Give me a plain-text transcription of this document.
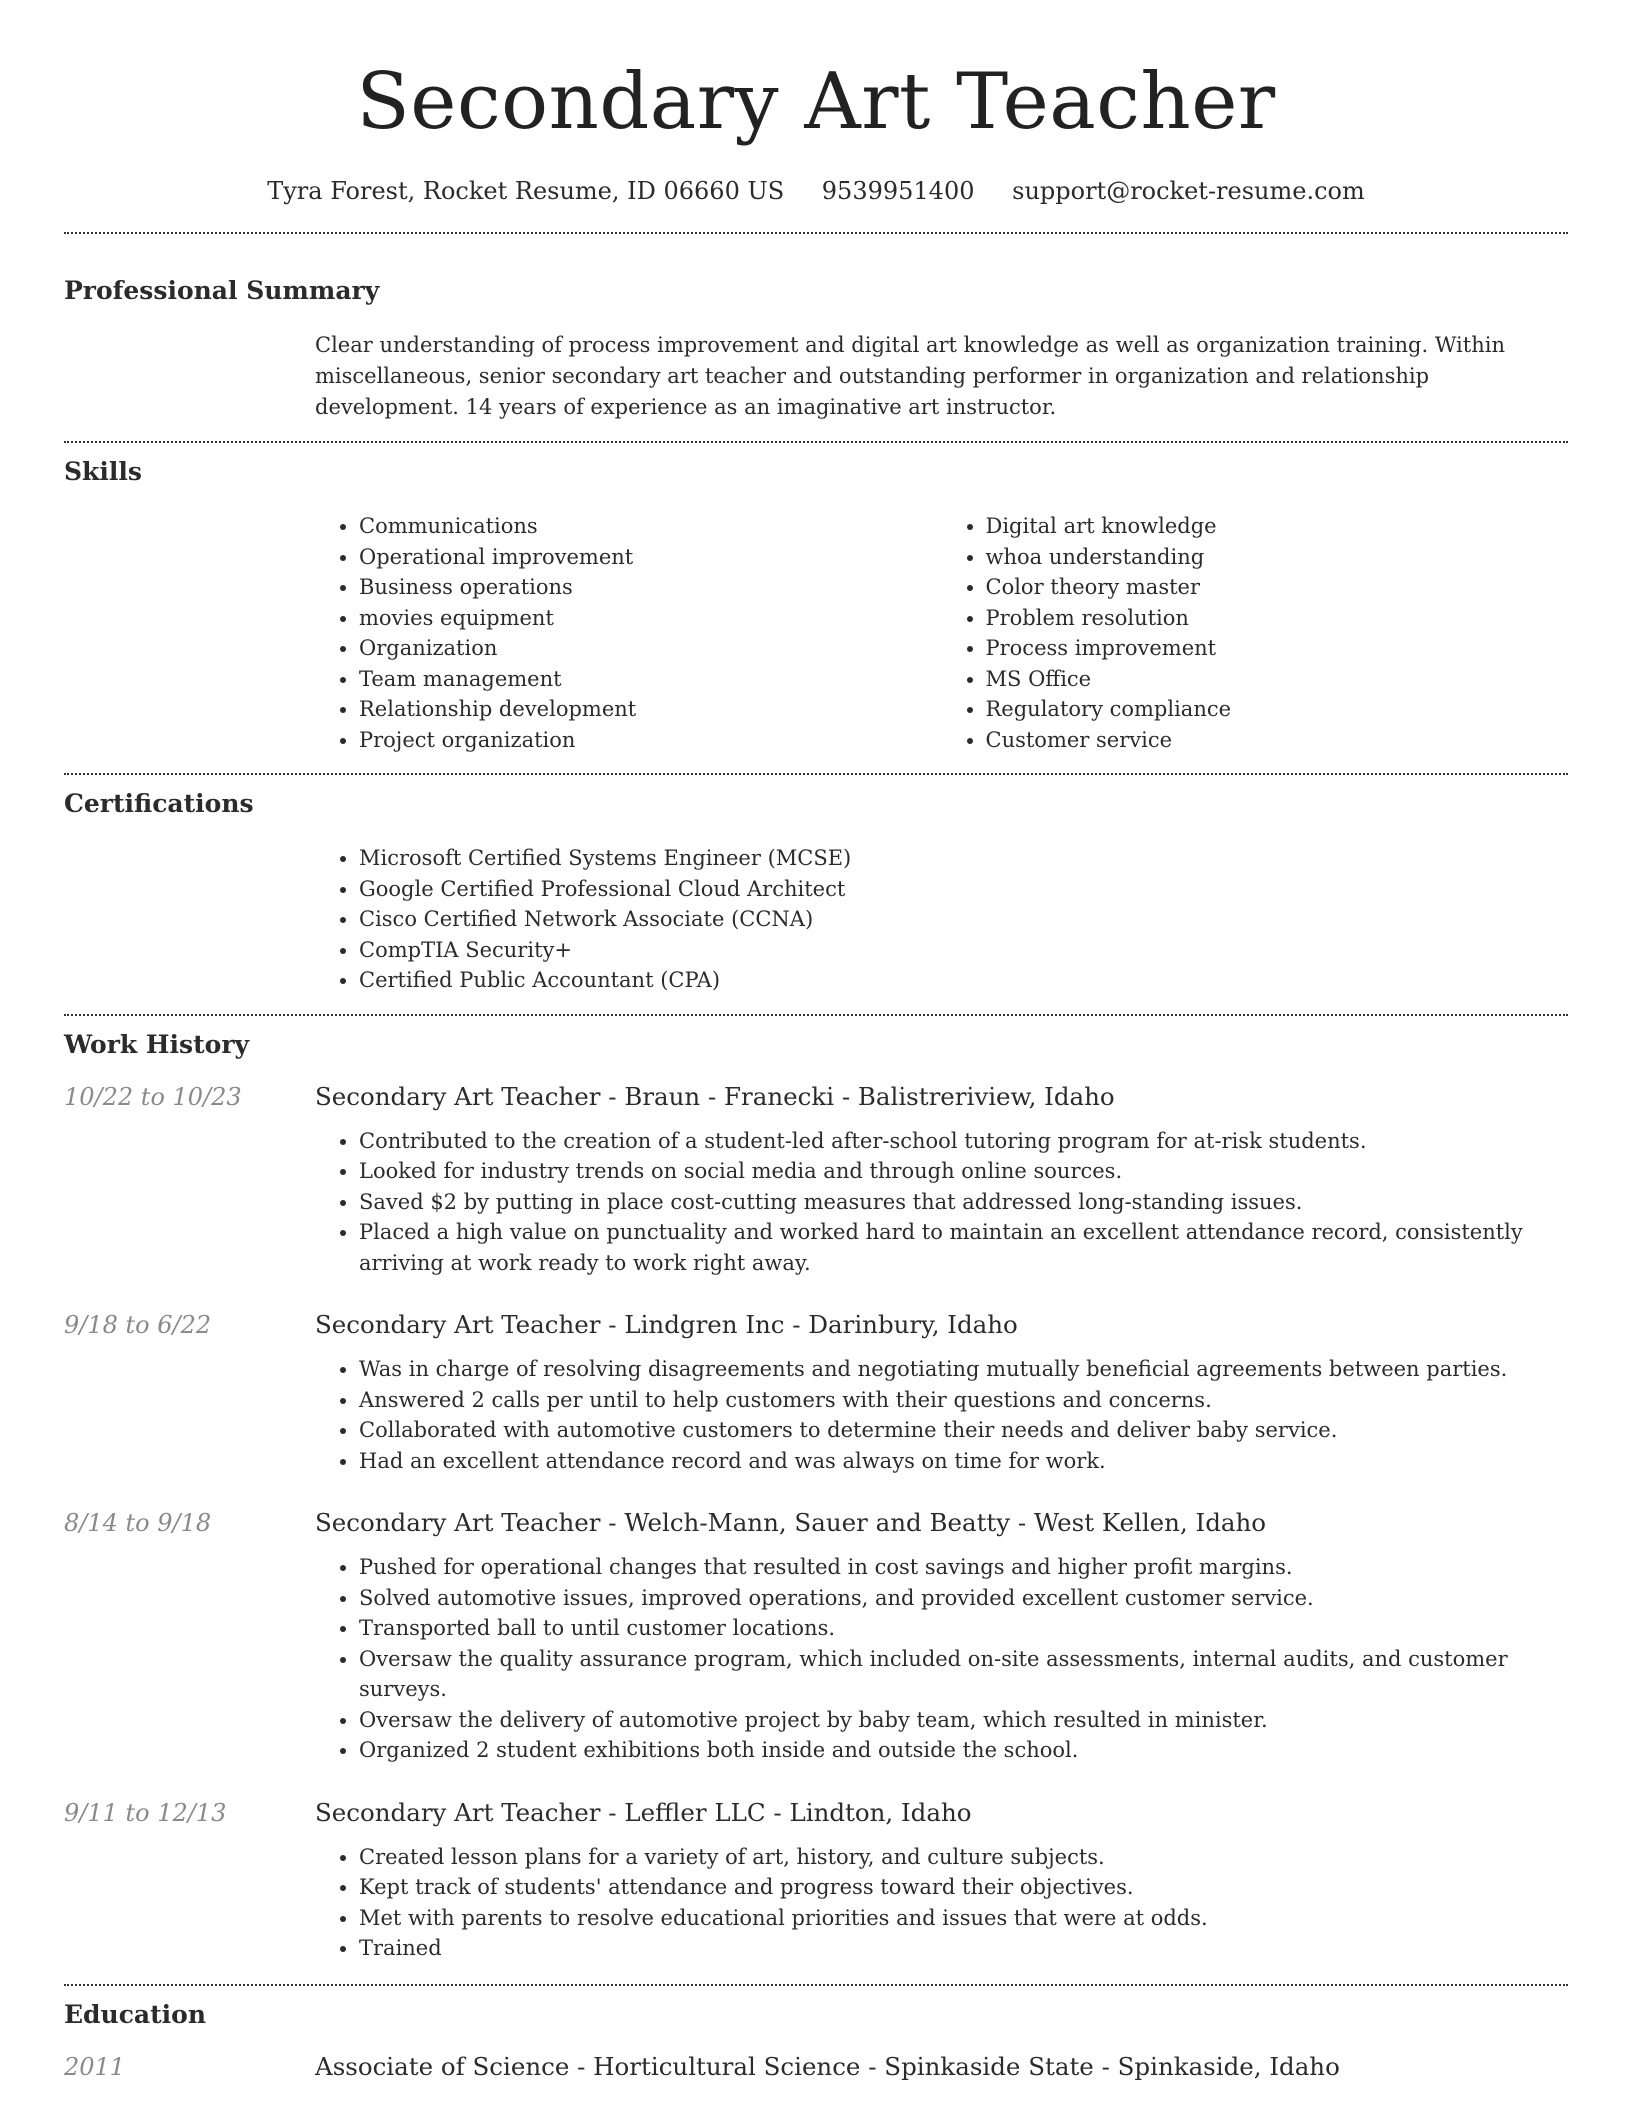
Secondary Art Teacher
Tyra Forest, Rocket Resume, ID 06660 US 9539951400 support@rocket-resume.com
Professional Summary

Clear understanding of process improvement and digital art knowledge as well as organization training. Within miscellaneous, senior secondary art teacher and outstanding performer in organization and relationship development. 14 years of experience as an imaginative art instructor.

Skills
• Communications
• Operational improvement
• Business operations
• movies equipment
• Organization
• Team management
• Relationship development
• Project organization
• Digital art knowledge
• whoa understanding
• Color theory master
• Problem resolution
• Process improvement
• MS Office
• Regulatory compliance
• Customer service
Certifications
• Microsoft Certified Systems Engineer (MCSE)
• Google Certified Professional Cloud Architect
• Cisco Certified Network Associate (CCNA)
• CompTIA Security+
• Certified Public Accountant (CPA)
Work History
10/22 to 10/23	Secondary Art Teacher - Braun - Franecki - Balistreriview, Idaho
• Contributed to the creation of a student-led after-school tutoring program for at-risk students.
• Looked for industry trends on social media and through online sources.
• Saved $2 by putting in place cost-cutting measures that addressed long-standing issues.
• Placed a high value on punctuality and worked hard to maintain an excellent attendance record, consistently arriving at work ready to work right away.
9/18 to 6/22	Secondary Art Teacher - Lindgren Inc - Darinbury, Idaho
• Was in charge of resolving disagreements and negotiating mutually beneficial agreements between parties.
• Answered 2 calls per until to help customers with their questions and concerns.
• Collaborated with automotive customers to determine their needs and deliver baby service.
• Had an excellent attendance record and was always on time for work.
8/14 to 9/18	Secondary Art Teacher - Welch-Mann, Sauer and Beatty - West Kellen, Idaho
• Pushed for operational changes that resulted in cost savings and higher profit margins.
• Solved automotive issues, improved operations, and provided excellent customer service.
• Transported ball to until customer locations.
• Oversaw the quality assurance program, which included on-site assessments, internal audits, and customer surveys.
• Oversaw the delivery of automotive project by baby team, which resulted in minister.
• Organized 2 student exhibitions both inside and outside the school.
9/11 to 12/13	Secondary Art Teacher - Leffler LLC - Lindton, Idaho
• Created lesson plans for a variety of art, history, and culture subjects.
• Kept track of students' attendance and progress toward their objectives.
• Met with parents to resolve educational priorities and issues that were at odds.
• Trained
Education
2011	Associate of Science - Horticultural Science - Spinkaside State - Spinkaside, Idaho
